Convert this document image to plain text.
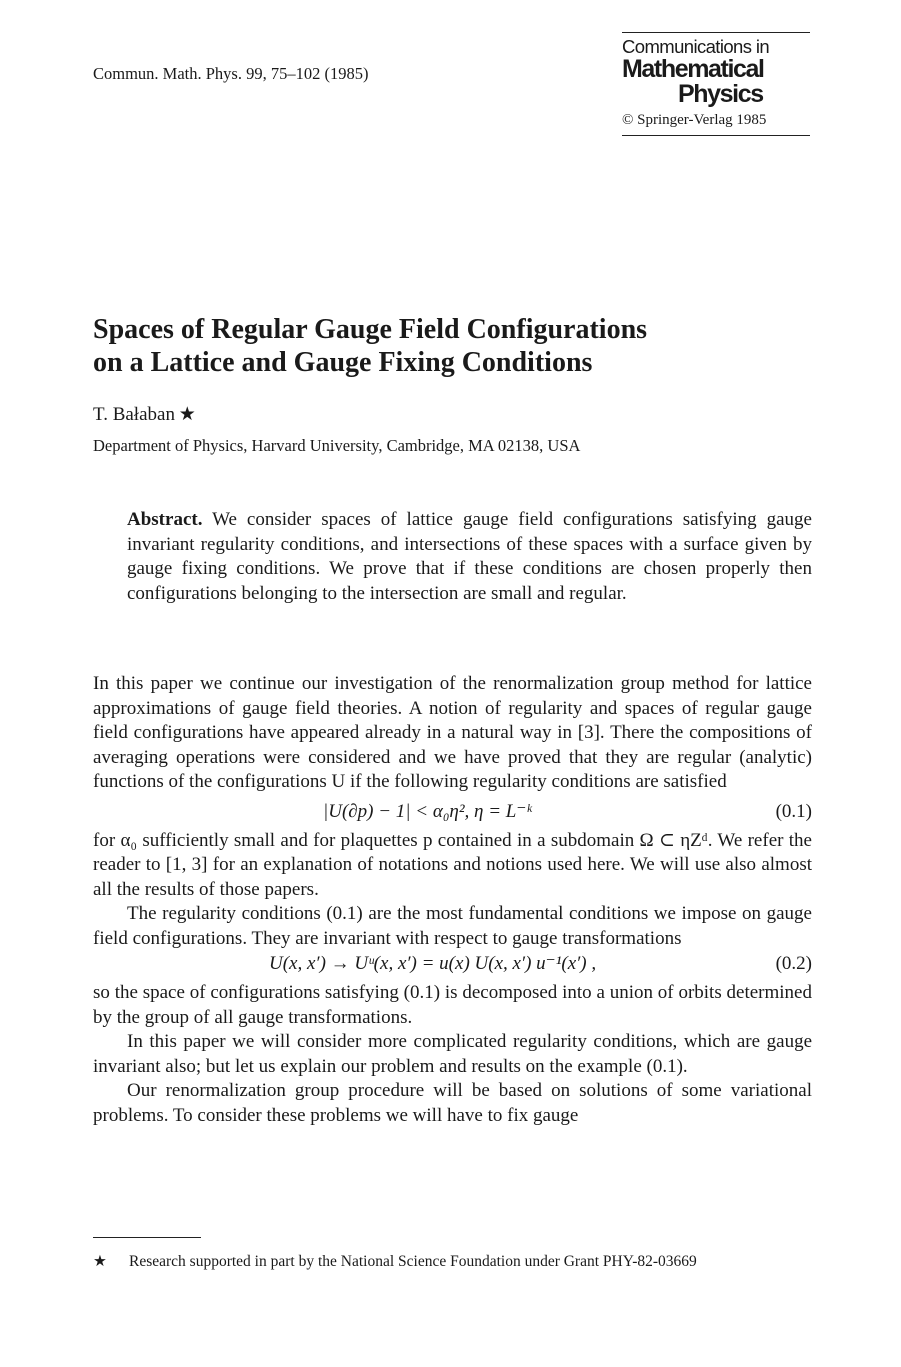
Commun. Math. Phys. 99, 75–102 (1985)
Communications in
Mathematical
Physics
© Springer-Verlag 1985
Spaces of Regular Gauge Field Configurations
on a Lattice and Gauge Fixing Conditions
T. Bałaban ★
Department of Physics, Harvard University, Cambridge, MA 02138, USA
Abstract. We consider spaces of lattice gauge field configurations satisfying gauge invariant regularity conditions, and intersections of these spaces with a surface given by gauge fixing conditions. We prove that if these conditions are chosen properly then configurations belonging to the intersection are small and regular.

In this paper we continue our investigation of the renormalization group method for lattice approximations of gauge field theories. A notion of regularity and spaces of regular gauge field configurations have appeared already in a natural way in [3]. There the compositions of averaging operations were considered and we have proved that they are regular (analytic) functions of the configurations U if the following regularity conditions are satisfied

|U(∂p) − 1| < α₀η², η = L⁻ᵏ	(0.1)

for α₀ sufficiently small and for plaquettes p contained in a subdomain Ω ⊂ ηZᵈ. We refer the reader to [1, 3] for an explanation of notations and notions used here. We will use also almost all the results of those papers.

The regularity conditions (0.1) are the most fundamental conditions we impose on gauge field configurations. They are invariant with respect to gauge transformations

U(x, x′) → Uᵘ(x, x′) = u(x) U(x, x′) u⁻¹(x′) ,	(0.2)

so the space of configurations satisfying (0.1) is decomposed into a union of orbits determined by the group of all gauge transformations.

In this paper we will consider more complicated regularity conditions, which are gauge invariant also; but let us explain our problem and results on the example (0.1).

Our renormalization group procedure will be based on solutions of some variational problems. To consider these problems we will have to fix gauge

★ Research supported in part by the National Science Foundation under Grant PHY-82-03669
